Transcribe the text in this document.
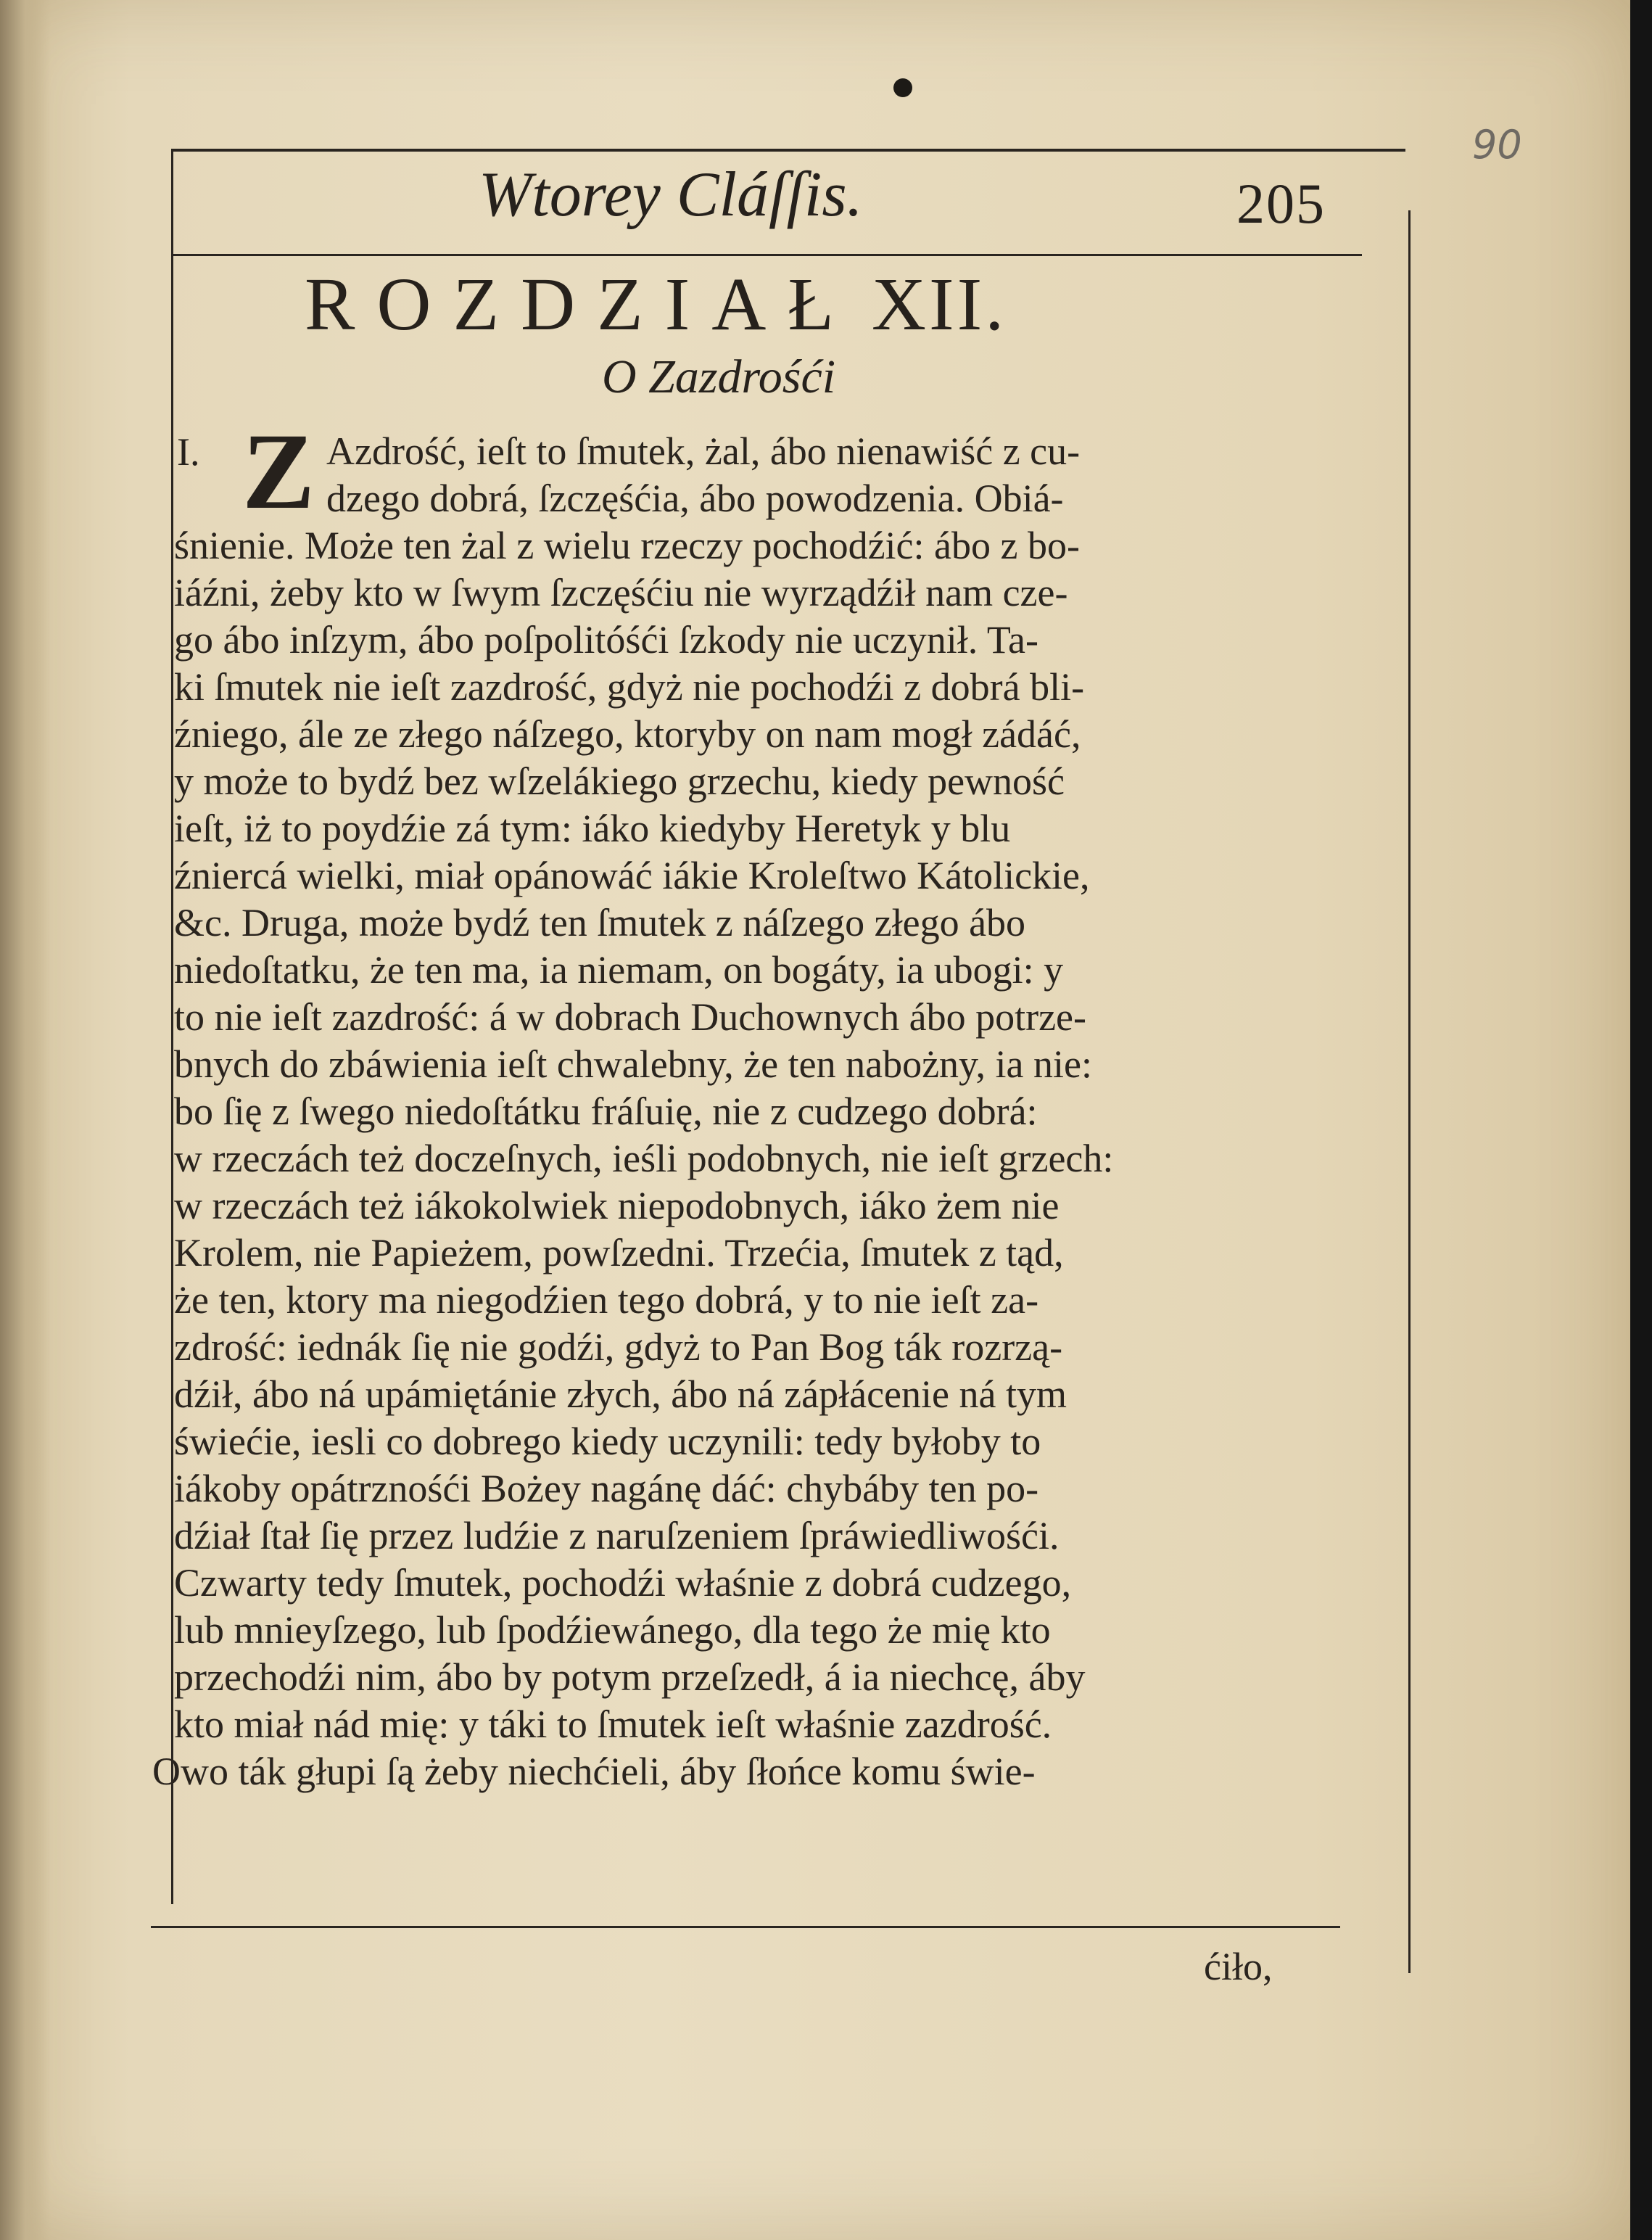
90
Wtorey Cláſſis.	205
ROZDZIAŁ XII.
O Zazdrośći
I. Z Azdrość, ieſt to ſmutek, żal, ábo nienawiść z cu-
dzego dobrá, ſzczęśćia, ábo powodzenia. Obiá-
śnienie. Może ten żal z wielu rzeczy pochodźić: ábo z bo-
iáźni, żeby kto w ſwym ſzczęśćiu nie wyrządźił nam cze-
go ábo inſzym, ábo poſpolitóśći ſzkody nie uczynił. Ta-
ki ſmutek nie ieſt zazdrość, gdyż nie pochodźi z dobrá bli-
źniego, ále ze złego náſzego, ktoryby on nam mogł zádáć,
y może to bydź bez wſzelákiego grzechu, kiedy pewność
ieſt, iż to poydźie zá tym: iáko kiedyby Heretyk y blu
źniercá wielki, miał opánowáć iákie Kroleſtwo Kátolickie,
&c. Druga, może bydź ten ſmutek z náſzego złego ábo
niedoſtatku, że ten ma, ia niemam, on bogáty, ia ubogi: y
to nie ieſt zazdrość: á w dobrach Duchownych ábo potrze-
bnych do zbáwienia ieſt chwalebny, że ten nabożny, ia nie:
bo ſię z ſwego niedoſtátku fráſuię, nie z cudzego dobrá:
w rzeczách też doczeſnych, ieśli podobnych, nie ieſt grzech:
w rzeczách też iákokolwiek niepodobnych, iáko żem nie
Krolem, nie Papieżem, powſzedni. Trzećia, ſmutek z tąd,
że ten, ktory ma niegodźien tego dobrá, y to nie ieſt za-
zdrość: iednák ſię nie godźi, gdyż to Pan Bog ták rozrzą-
dźił, ábo ná upámiętánie złych, ábo ná zápłácenie ná tym
świećie, iesli co dobrego kiedy uczynili: tedy byłoby to
iákoby opátrznośći Bożey nagánę dáć: chybáby ten po-
dźiał ſtał ſię przez ludźie z naruſzeniem ſpráwiedliwośći.
Czwarty tedy ſmutek, pochodźi właśnie z dobrá cudzego,
lub mnieyſzego, lub ſpodźiewánego, dla tego że mię kto
przechodźi nim, ábo by potym przeſzedł, á ia niechcę, áby
kto miał nád mię: y táki to ſmutek ieſt właśnie zazdrość.
Owo ták głupi ſą żeby niechćieli, áby ſłońce komu świe-
ćiło,
